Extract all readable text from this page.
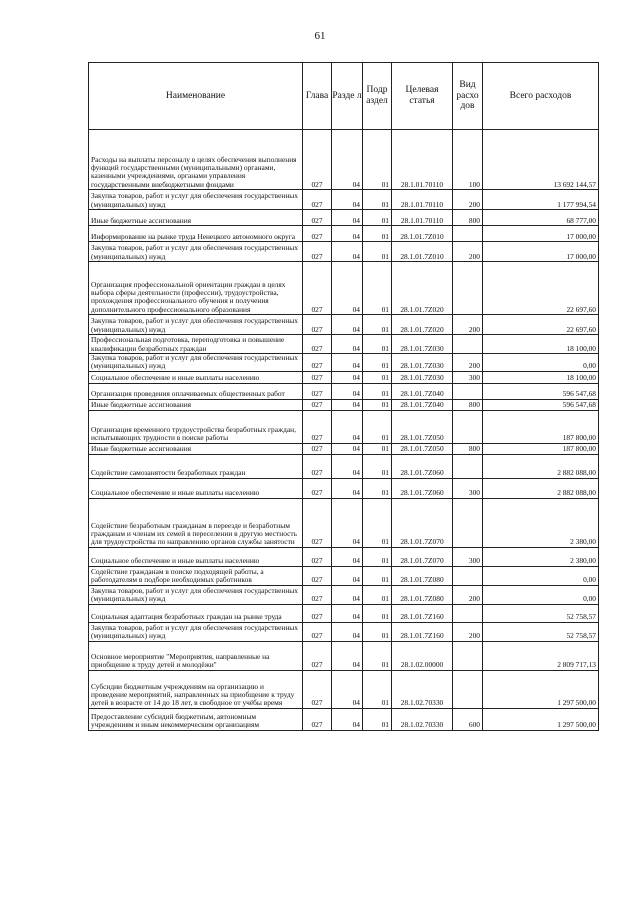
61
Наименование	Глава	Разде л	Подр аздел	Целевая статья	Вид расхо дов	Всего расходов
Расходы на выплаты персоналу в целях обеспечения выполнения функций государственными (муниципальными) органами, казенными учреждениями, органами управления государственными внебюджетными фондами	027	04	01	28.1.01.70110	100	13 692 144,57
Закупка товаров, работ и услуг для обеспечения государственных (муниципальных) нужд	027	04	01	28.1.01.70110	200	1 177 994,54
Иные бюджетные ассигнования	027	04	01	28.1.01.70110	800	68 777,00
Информирование на рынке труда Ненецкого автономного округа	027	04	01	28.1.01.7Z010		17 000,00
Закупка товаров, работ и услуг для обеспечения государственных (муниципальных) нужд	027	04	01	28.1.01.7Z010	200	17 000,00
Организация профессиональной ориентации граждан в целях выбора сферы деятельности (профессии), трудоустройства, прохождения профессионального обучения и получения дополнительного профессионального образования	027	04	01	28.1.01.7Z020		22 697,60
Закупка товаров, работ и услуг для обеспечения государственных (муниципальных) нужд	027	04	01	28.1.01.7Z020	200	22 697,60
Профессиональная подготовка, переподготовка и повышение квалификации безработных граждан	027	04	01	28.1.01.7Z030		18 100,00
Закупка товаров, работ и услуг для обеспечения государственных (муниципальных) нужд	027	04	01	28.1.01.7Z030	200	0,00
Социальное обеспечение и иные выплаты населению	027	04	01	28.1.01.7Z030	300	18 100,00
Организация проведения оплачиваемых общественных работ	027	04	01	28.1.01.7Z040		596 547,68
Иные бюджетные ассигнования	027	04	01	28.1.01.7Z040	800	596 547,68
Организация временного трудоустройства безработных граждан, испытывающих трудности в поиске работы	027	04	01	28.1.01.7Z050		187 800,00
Иные бюджетные ассигнования	027	04	01	28.1.01.7Z050	800	187 800,00
Содействие самозанятости безработных граждан	027	04	01	28.1.01.7Z060		2 882 088,00
Социальное обеспечение и иные выплаты населению	027	04	01	28.1.01.7Z060	300	2 882 088,00
Содействие безработным гражданам в переезде и безработным гражданам и членам их семей в переселении в другую местность для трудоустройства по направлению органов службы занятости	027	04	01	28.1.01.7Z070		2 380,00
Социальное обеспечение и иные выплаты населению	027	04	01	28.1.01.7Z070	300	2 380,00
Содействие гражданам в поиске подходящей работы, а работодателям в подборе необходимых работников	027	04	01	28.1.01.7Z080		0,00
Закупка товаров, работ и услуг для обеспечения государственных (муниципальных) нужд	027	04	01	28.1.01.7Z080	200	0,00
Социальная адаптация безработных граждан на рынке труда	027	04	01	28.1.01.7Z160		52 758,57
Закупка товаров, работ и услуг для обеспечения государственных (муниципальных) нужд	027	04	01	28.1.01.7Z160	200	52 758,57
Основное мероприятие "Мероприятия, направленные на приобщение к труду детей и молодёжи"	027	04	01	28.1.02.00000		2 809 717,13
Субсидии бюджетным учреждениям на организацию и проведение мероприятий, направленных на приобщение к труду детей в возрасте от 14 до 18 лет, в свободное от учёбы время	027	04	01	28.1.02.70330		1 297 500,00
Предоставление субсидий бюджетным, автономным учреждениям и иным некоммерческим организациям	027	04	01	28.1.02.70330	600	1 297 500,00
